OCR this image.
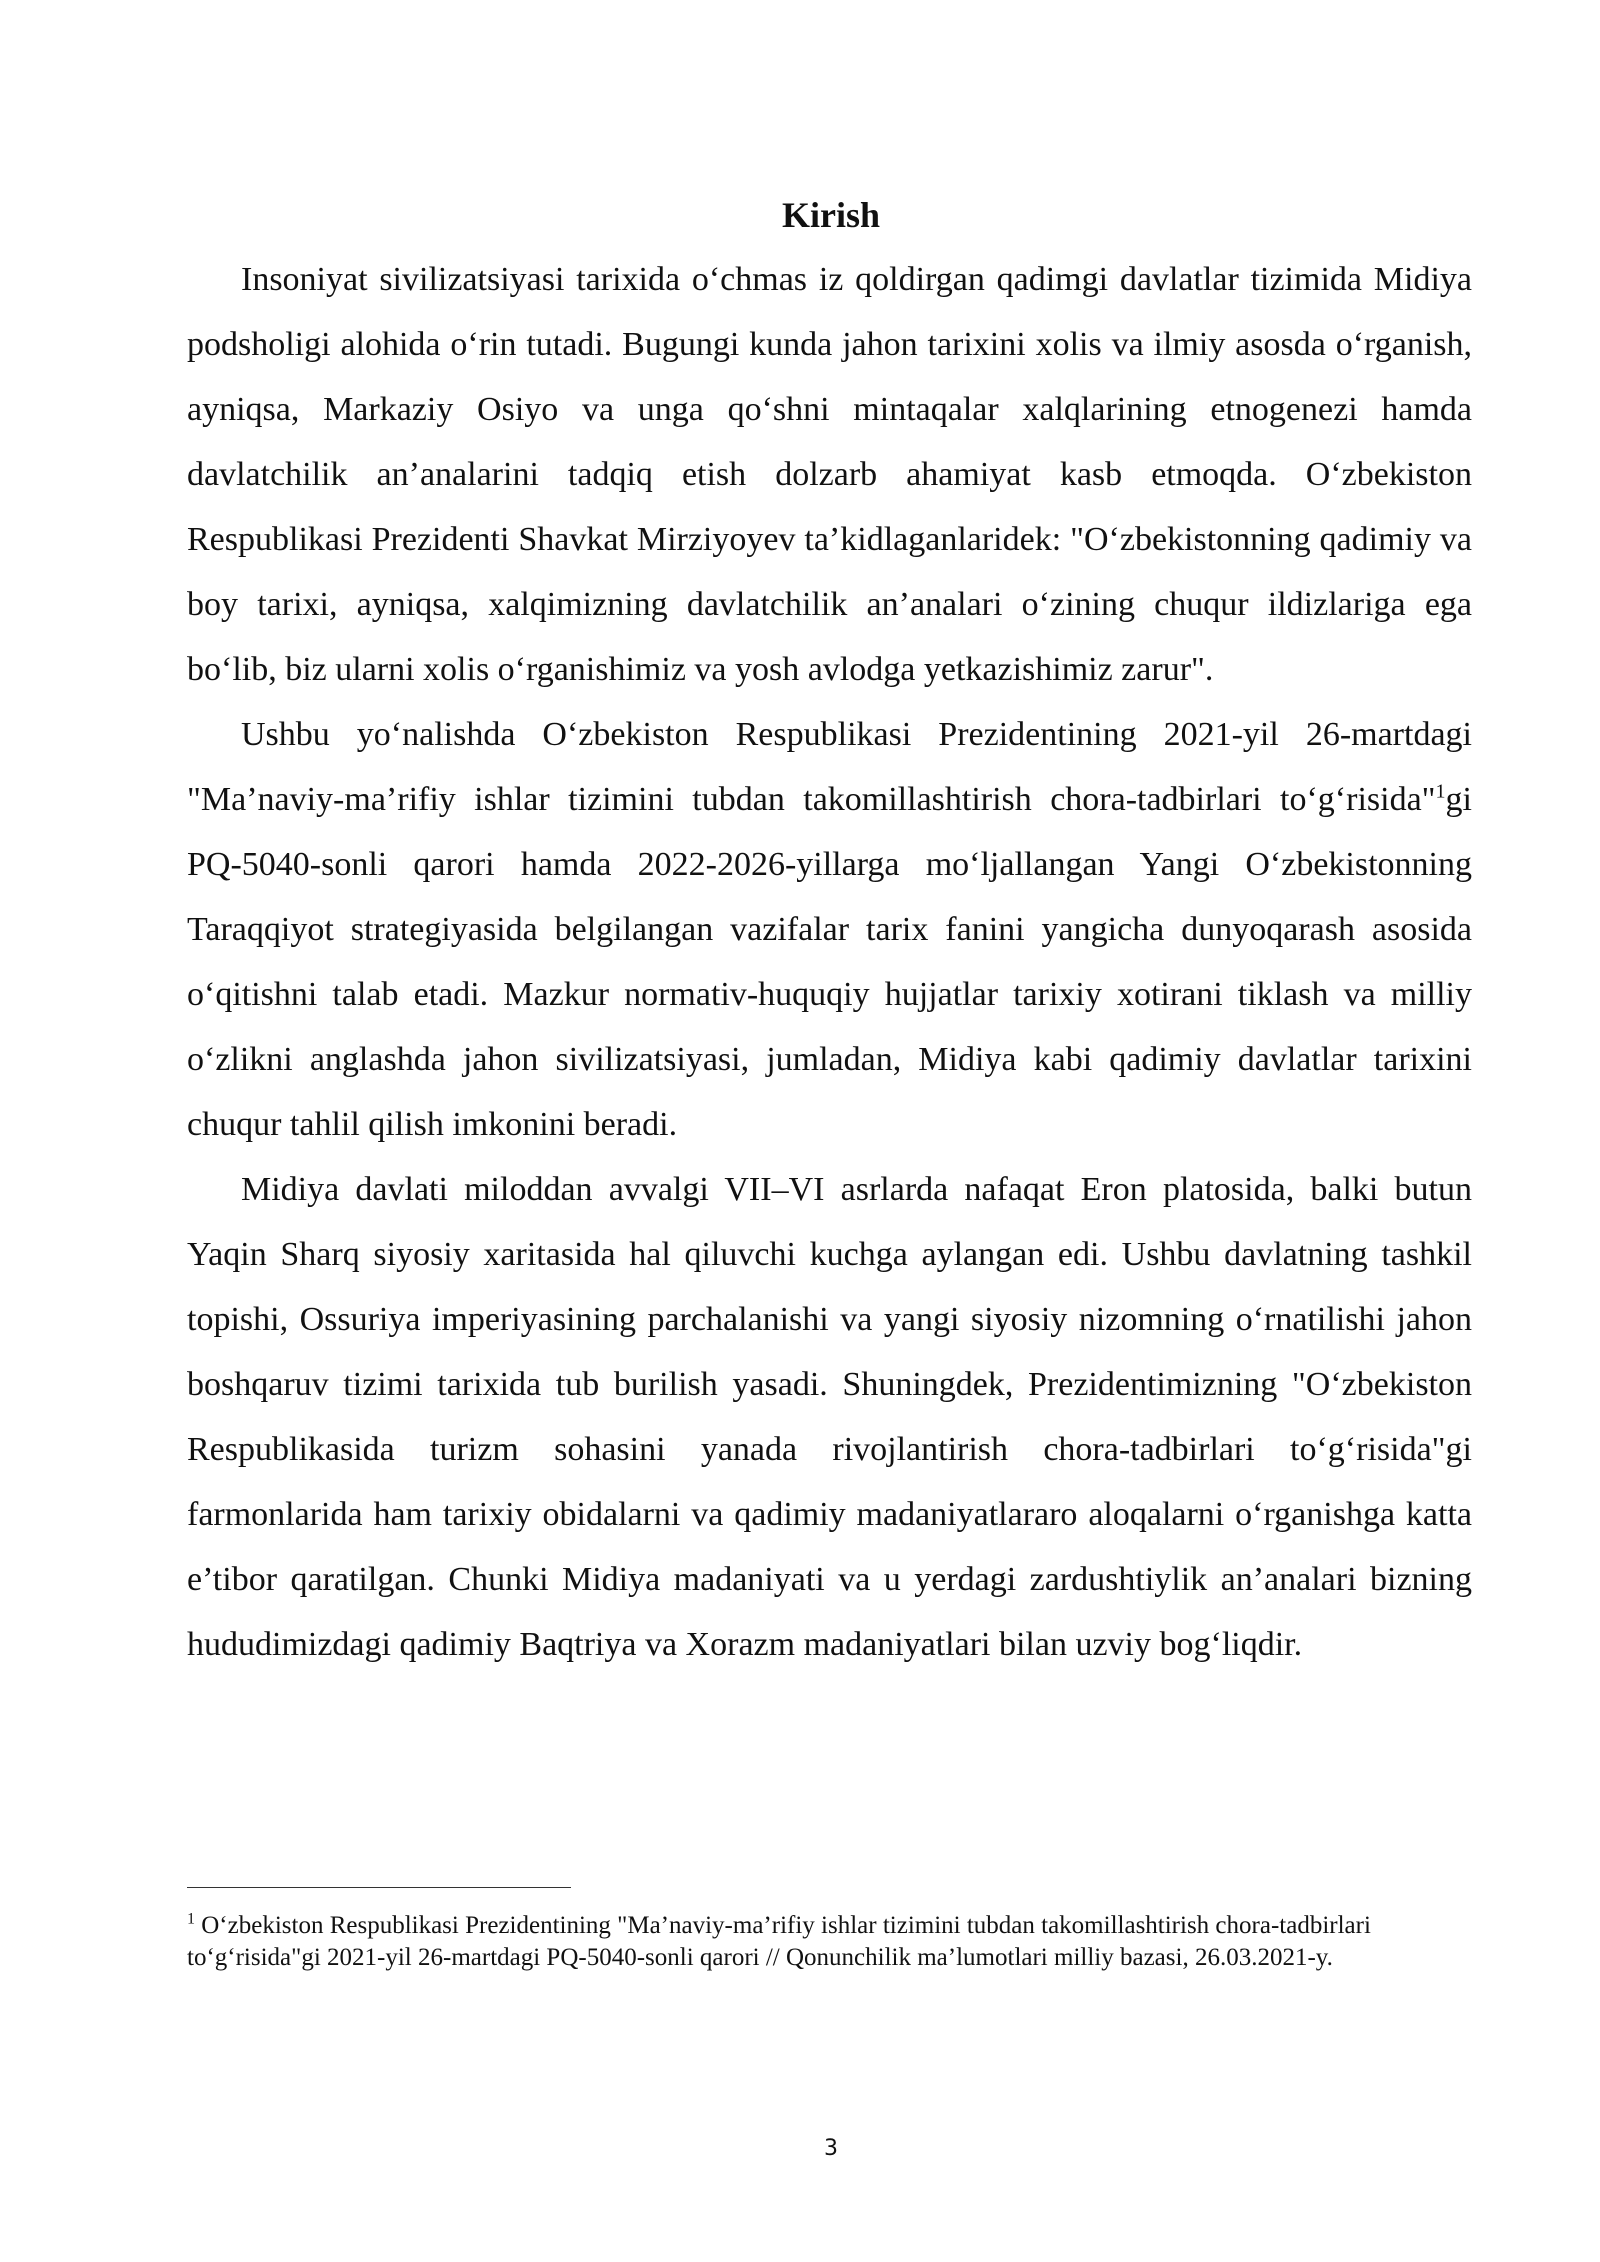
Kirish

Insoniyat sivilizatsiyasi tarixida o‘chmas iz qoldirgan qadimgi davlatlar tizimida Midiya podsholigi alohida o‘rin tutadi. Bugungi kunda jahon tarixini xolis va ilmiy asosda o‘rganish, ayniqsa, Markaziy Osiyo va unga qo‘shni mintaqalar xalqlarining etnogenezi hamda davlatchilik an’analarini tadqiq etish dolzarb ahamiyat kasb etmoqda. O‘zbekiston Respublikasi Prezidenti Shavkat Mirziyoyev ta’kidlaganlaridek: "O‘zbekistonning qadimiy va boy tarixi, ayniqsa, xalqimizning davlatchilik an’analari o‘zining chuqur ildizlariga ega bo‘lib, biz ularni xolis o‘rganishimiz va yosh avlodga yetkazishimiz zarur".

Ushbu yo‘nalishda O‘zbekiston Respublikasi Prezidentining 2021-yil 26-martdagi "Ma’naviy-ma’rifiy ishlar tizimini tubdan takomillashtirish chora-tadbirlari to‘g‘risida"$^1$gi PQ-5040-sonli qarori hamda 2022-2026-yillarga mo‘ljallangan Yangi O‘zbekistonning Taraqqiyot strategiyasida belgilangan vazifalar tarix fanini yangicha dunyoqarash asosida o‘qitishni talab etadi. Mazkur normativ-huquqiy hujjatlar tarixiy xotirani tiklash va milliy o‘zlikni anglashda jahon sivilizatsiyasi, jumladan, Midiya kabi qadimiy davlatlar tarixini chuqur tahlil qilish imkonini beradi.

Midiya davlati miloddan avvalgi VII–VI asrlarda nafaqat Eron platosida, balki butun Yaqin Sharq siyosiy xaritasida hal qiluvchi kuchga aylangan edi. Ushbu davlatning tashkil topishi, Ossuriya imperiyasining parchalanishi va yangi siyosiy nizomning o‘rnatilishi jahon boshqaruv tizimi tarixida tub burilish yasadi. Shuningdek, Prezidentimizning "O‘zbekiston Respublikasida turizm sohasini yanada rivojlantirish chora-tadbirlari to‘g‘risida"gi farmonlarida ham tarixiy obidalarni va qadimiy madaniyatlararo aloqalarni o‘rganishga katta e’tibor qaratilgan. Chunki Midiya madaniyati va u yerdagi zardushtiylik an’analari bizning hududimizdagi qadimiy Baqtriya va Xorazm madaniyatlari bilan uzviy bog‘liqdir.

$^1$ O‘zbekiston Respublikasi Prezidentining "Ma’naviy-ma’rifiy ishlar tizimini tubdan takomillashtirish chora-tadbirlari to‘g‘risida"gi 2021-yil 26-martdagi PQ-5040-sonli qarori // Qonunchilik ma’lumotlari milliy bazasi, 26.03.2021-y.

3
